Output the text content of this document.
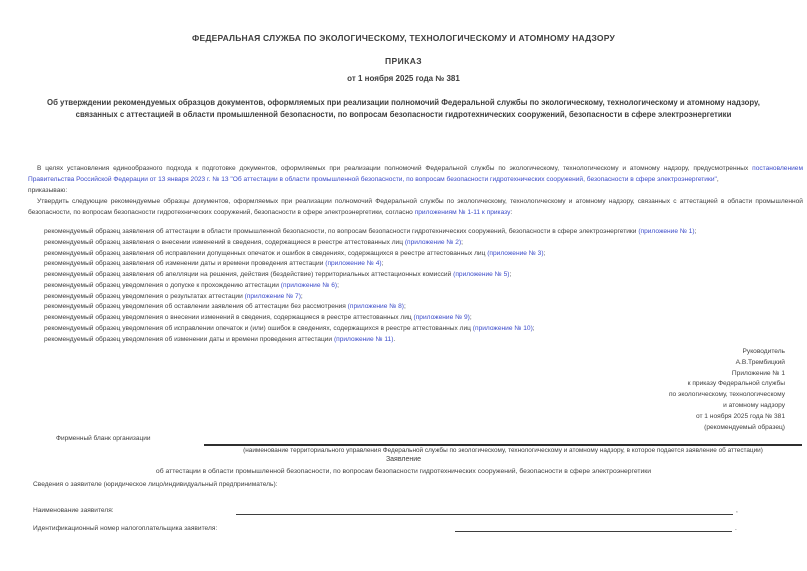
ФЕДЕРАЛЬНАЯ СЛУЖБА ПО ЭКОЛОГИЧЕСКОМУ, ТЕХНОЛОГИЧЕСКОМУ И АТОМНОМУ НАДЗОРУ
ПРИКАЗ
от 1 ноября 2025 года № 381
Об утверждении рекомендуемых образцов документов, оформляемых при реализации полномочий Федеральной службы по экологическому, технологическому и атомному надзору, связанных с аттестацией в области промышленной безопасности, по вопросам безопасности гидротехнических сооружений, безопасности в сфере электроэнергетики

В целях установления единообразного подхода к подготовке документов, оформляемых при реализации полномочий Федеральной службы по экологическому, технологическому и атомному надзору, предусмотренных постановлением Правительства Российской Федерации от 13 января 2023 г. № 13 "Об аттестации в области промышленной безопасности, по вопросам безопасности гидротехнических сооружений, безопасности в сфере электроэнергетики",

приказываю:

Утвердить следующие рекомендуемые образцы документов, оформляемых при реализации полномочий Федеральной службы по экологическому, технологическому и атомному надзору, связанных с аттестацией в области промышленной безопасности, по вопросам безопасности гидротехнических сооружений, безопасности в сфере электроэнергетики, согласно приложениям № 1-11 к приказу:

рекомендуемый образец заявления об аттестации в области промышленной безопасности, по вопросам безопасности гидротехнических сооружений, безопасности в сфере электроэнергетики (приложение № 1);
рекомендуемый образец заявления о внесении изменений в сведения, содержащиеся в реестре аттестованных лиц (приложение № 2);
рекомендуемый образец заявления об исправлении допущенных опечаток и ошибок в сведениях, содержащихся в реестре аттестованных лиц (приложение № 3);
рекомендуемый образец заявления об изменении даты и времени проведения аттестации (приложение № 4);
рекомендуемый образец заявления об апелляции на решения, действия (бездействие) территориальных аттестационных комиссий (приложение № 5);
рекомендуемый образец уведомления о допуске к прохождению аттестации (приложение № 6);
рекомендуемый образец уведомления о результатах аттестации (приложение № 7);
рекомендуемый образец уведомления об оставлении заявления об аттестации без рассмотрения (приложение № 8);
рекомендуемый образец уведомления о внесении изменений в сведения, содержащиеся в реестре аттестованных лиц (приложение № 9);
рекомендуемый образец уведомления об исправлении опечаток и (или) ошибок в сведениях, содержащихся в реестре аттестованных лиц (приложение № 10);
рекомендуемый образец уведомления об изменении даты и времени проведения аттестации (приложение № 11).
Руководитель
А.В.Трембицкий
Приложение № 1
к приказу Федеральной службы
по экологическому, технологическому
и атомному надзору
от 1 ноября 2025 года № 381
(рекомендуемый образец)
Фирменный бланк организации
(наименование территориального управления Федеральной службы по экологическому, технологическому и атомному надзору, в которое подается заявление об аттестации)
Заявление
об аттестации в области промышленной безопасности, по вопросам безопасности гидротехнических сооружений, безопасности в сфере электроэнергетики
Сведения о заявителе (юридическое лицо/индивидуальный предприниматель):
Наименование заявителя:	,
Идентификационный номер налогоплательщика заявителя:	.
